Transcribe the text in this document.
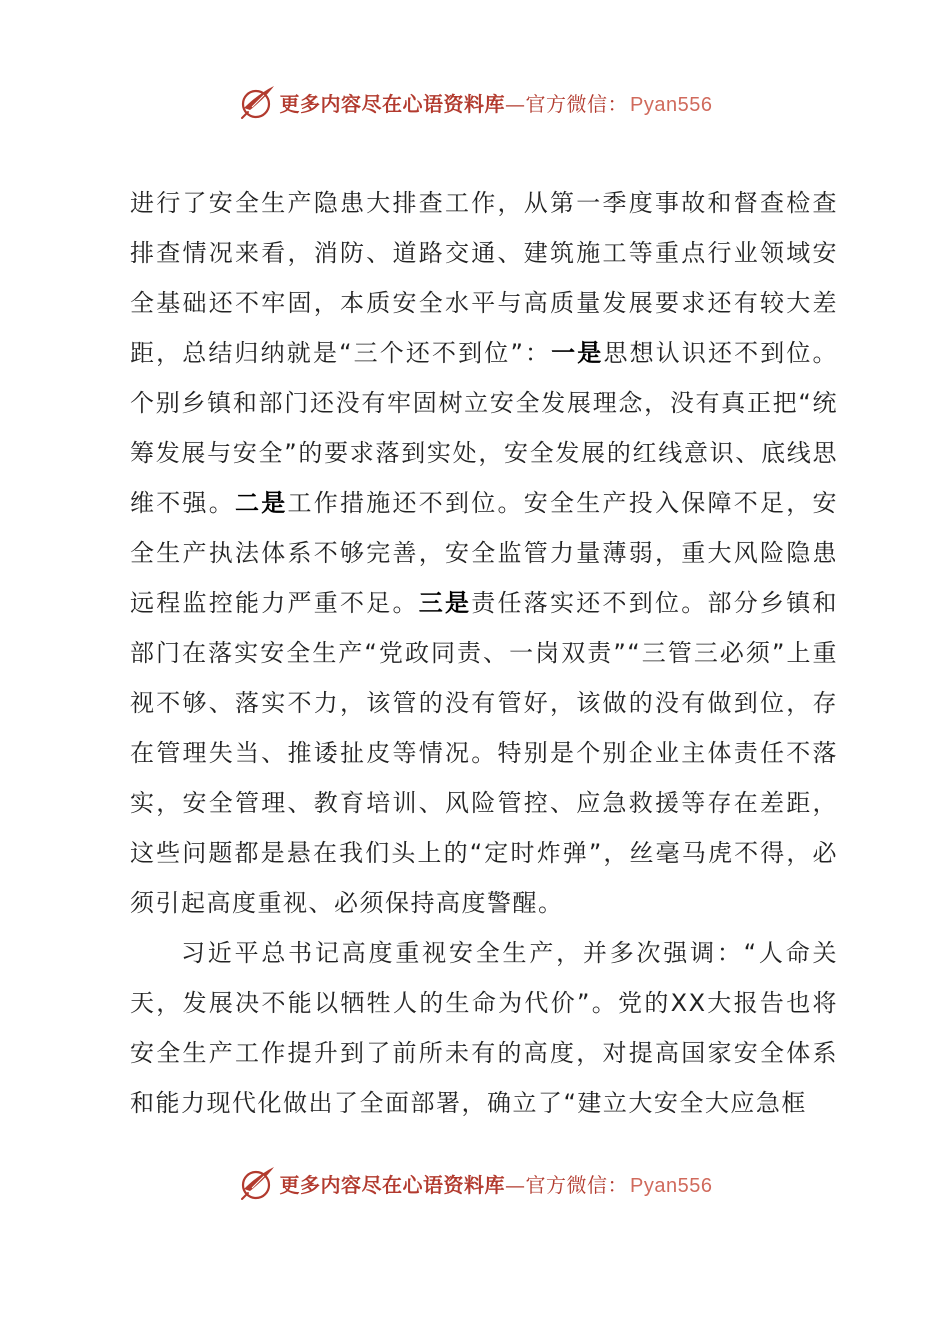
更多内容尽在心语资料库—官方微信： Pyan556

进行了安全生产隐患大排查工作，从第一季度事故和督查检查排查情况来看，消防、道路交通、建筑施工等重点行业领域安全基础还不牢固，本质安全水平与高质量发展要求还有较大差距，总结归纳就是“三个还不到位”：一是思想认识还不到位。个别乡镇和部门还没有牢固树立安全发展理念，没有真正把“统筹发展与安全”的要求落到实处，安全发展的红线意识、底线思维不强。二是工作措施还不到位。安全生产投入保障不足，安全生产执法体系不够完善，安全监管力量薄弱，重大风险隐患远程监控能力严重不足。三是责任落实还不到位。部分乡镇和部门在落实安全生产“党政同责、一岗双责”“三管三必须”上重视不够、落实不力，该管的没有管好，该做的没有做到位，存在管理失当、推诿扯皮等情况。特别是个别企业主体责任不落实，安全管理、教育培训、风险管控、应急救援等存在差距，这些问题都是悬在我们头上的“定时炸弹”，丝毫马虎不得，必须引起高度重视、必须保持高度警醒。

习近平总书记高度重视安全生产，并多次强调：“人命关天，发展决不能以牺牲人的生命为代价”。党的XX大报告也将安全生产工作提升到了前所未有的高度，对提高国家安全体系和能力现代化做出了全面部署，确立了“建立大安全大应急框

更多内容尽在心语资料库—官方微信： Pyan556
